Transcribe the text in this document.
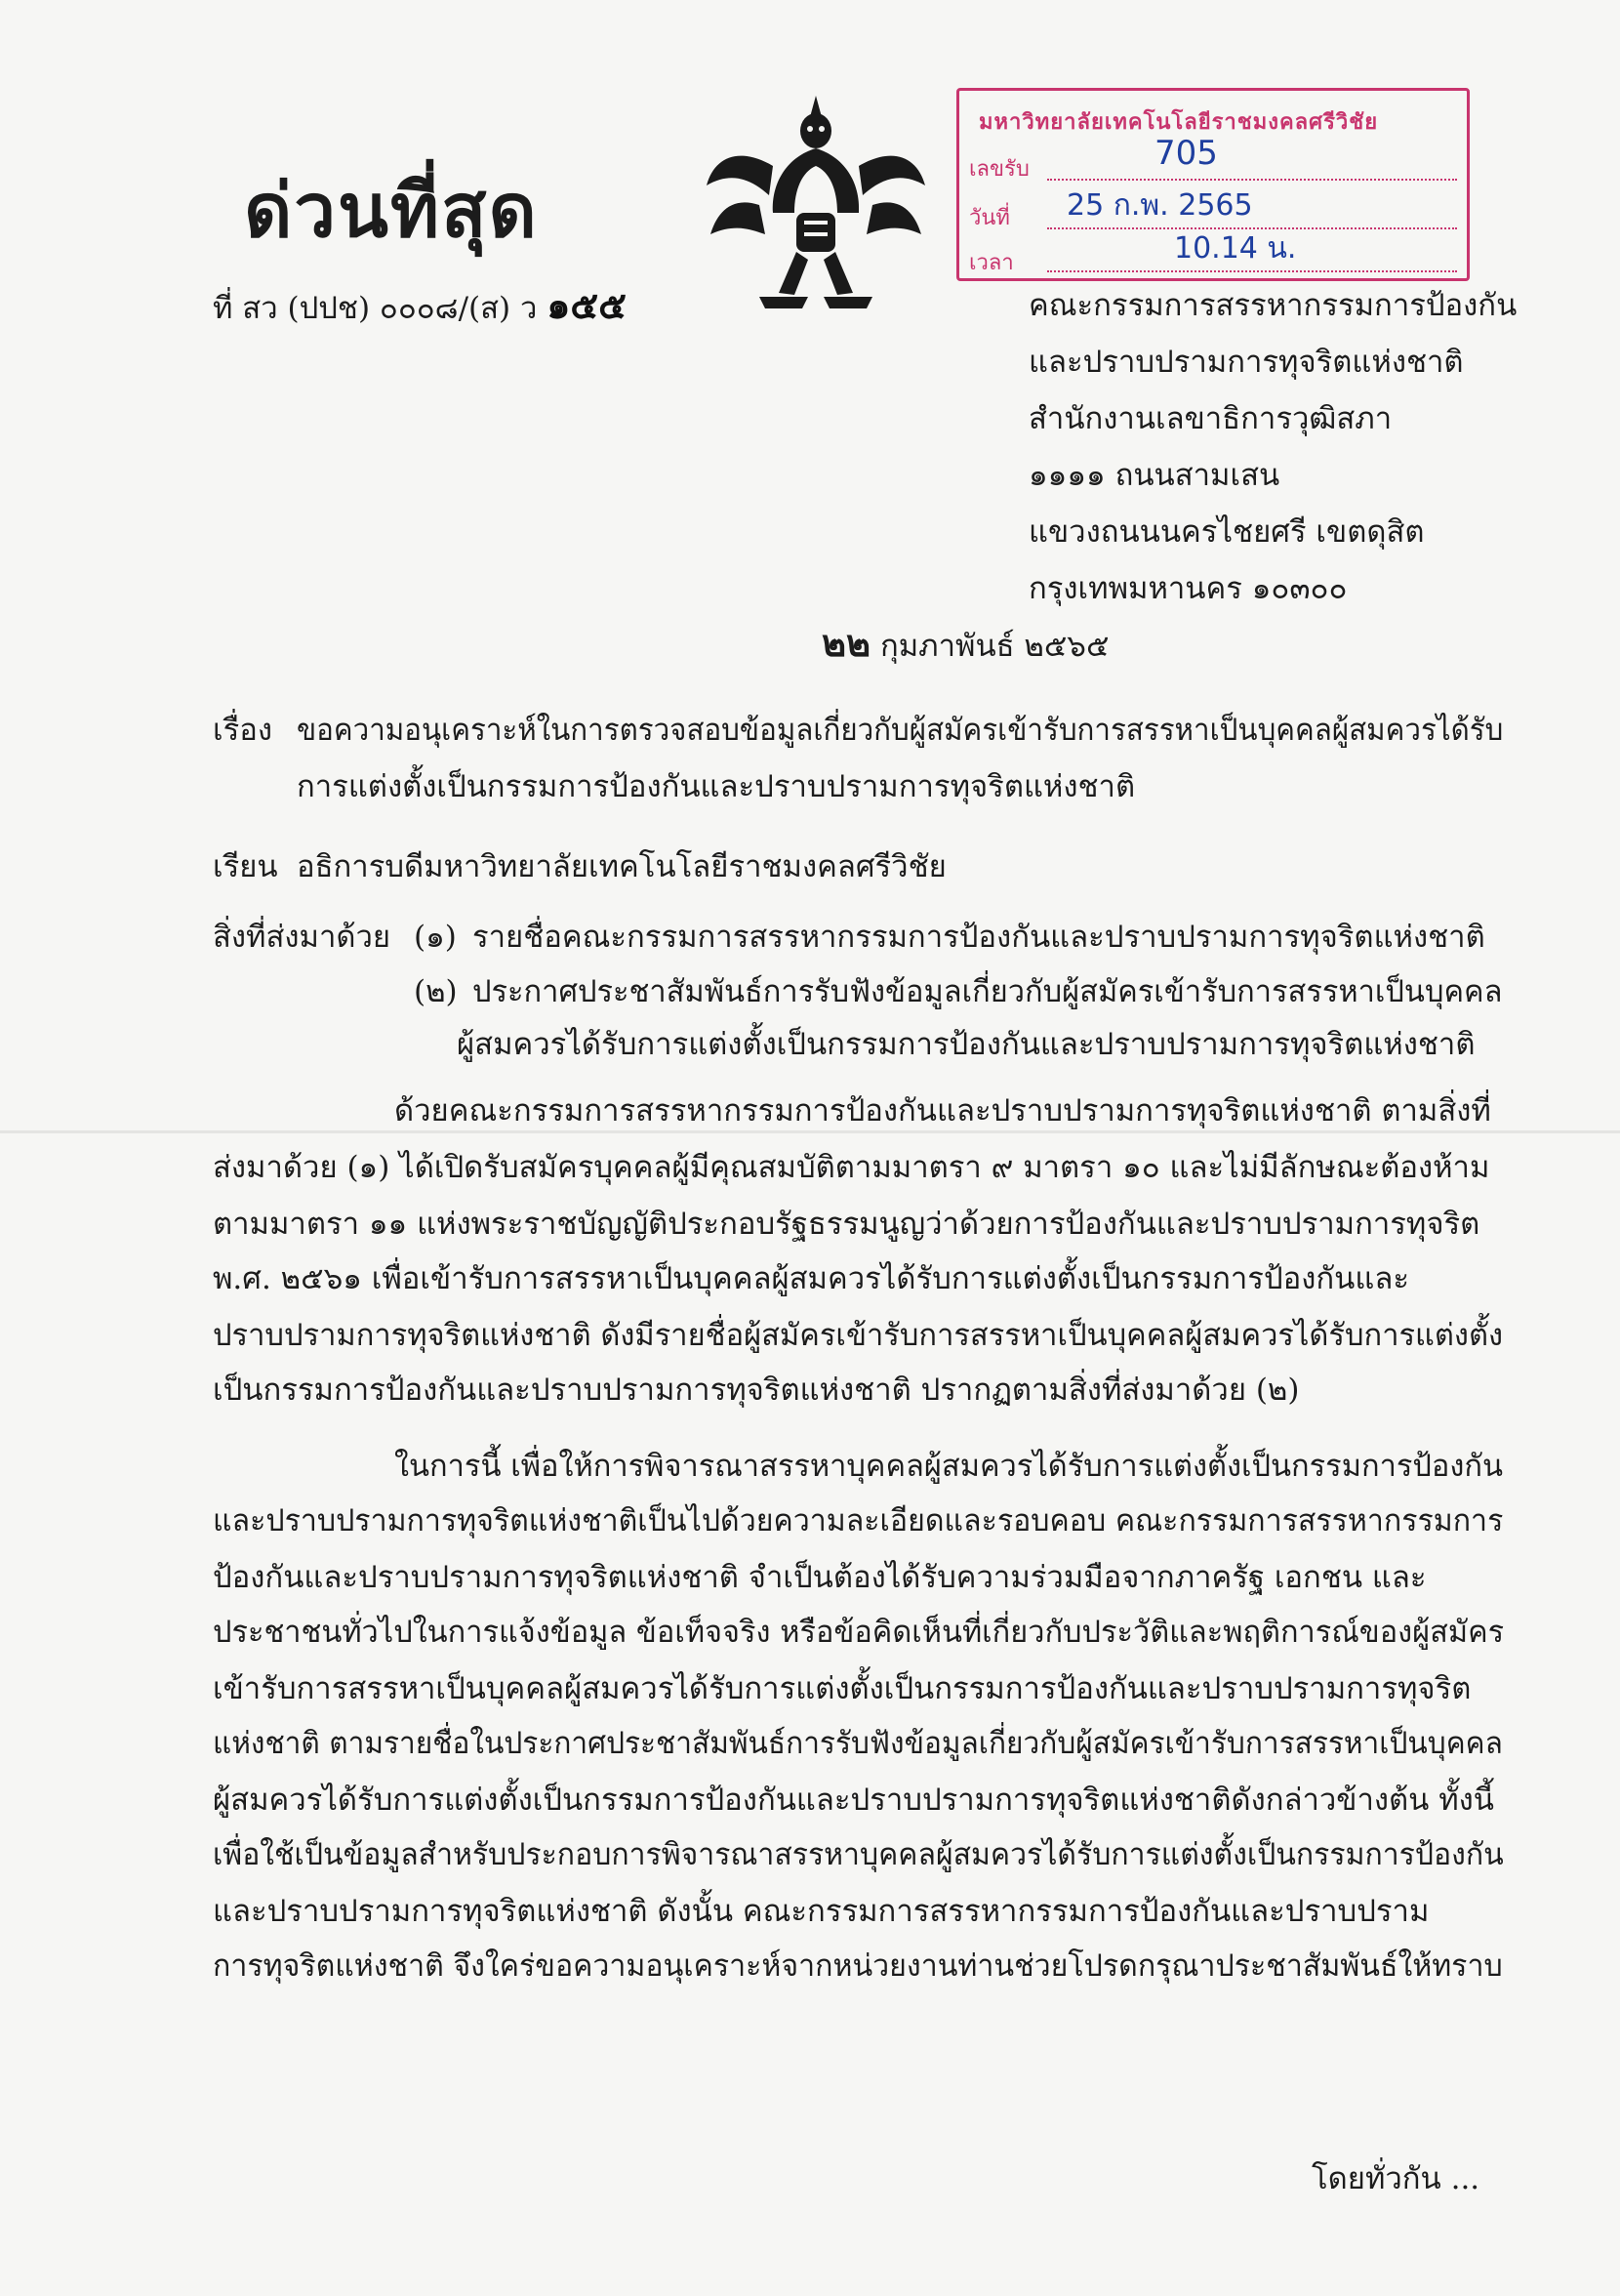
ด่วนที่สุด
ที่ สว (ปปช) ๐๐๐๘/(ส) ว ๑๕๕
มหาวิทยาลัยเทคโนโลยีราชมงคลศรีวิชัย
เลขรับ	705
วันที่ 25 ก.พ. 2565
เวลา	10.14 น.
คณะกรรมการสรรหากรรมการป้องกัน
และปราบปรามการทุจริตแห่งชาติ
สำนักงานเลขาธิการวุฒิสภา
๑๑๑๑ ถนนสามเสน
แขวงถนนนครไชยศรี เขตดุสิต
กรุงเทพมหานคร ๑๐๓๐๐
๒๒ กุมภาพันธ์ ๒๕๖๕
เรื่อง ขอความอนุเคราะห์ในการตรวจสอบข้อมูลเกี่ยวกับผู้สมัครเข้ารับการสรรหาเป็นบุคคลผู้สมควรได้รับ
การแต่งตั้งเป็นกรรมการป้องกันและปราบปรามการทุจริตแห่งชาติ
เรียน อธิการบดีมหาวิทยาลัยเทคโนโลยีราชมงคลศรีวิชัย
สิ่งที่ส่งมาด้วย (๑) รายชื่อคณะกรรมการสรรหากรรมการป้องกันและปราบปรามการทุจริตแห่งชาติ
(๒) ประกาศประชาสัมพันธ์การรับฟังข้อมูลเกี่ยวกับผู้สมัครเข้ารับการสรรหาเป็นบุคคล
ผู้สมควรได้รับการแต่งตั้งเป็นกรรมการป้องกันและปราบปรามการทุจริตแห่งชาติ
ด้วยคณะกรรมการสรรหากรรมการป้องกันและปราบปรามการทุจริตแห่งชาติ ตามสิ่งที่
ส่งมาด้วย (๑) ได้เปิดรับสมัครบุคคลผู้มีคุณสมบัติตามมาตรา ๙ มาตรา ๑๐ และไม่มีลักษณะต้องห้าม
ตามมาตรา ๑๑ แห่งพระราชบัญญัติประกอบรัฐธรรมนูญว่าด้วยการป้องกันและปราบปรามการทุจริต
พ.ศ. ๒๕๖๑ เพื่อเข้ารับการสรรหาเป็นบุคคลผู้สมควรได้รับการแต่งตั้งเป็นกรรมการป้องกันและ
ปราบปรามการทุจริตแห่งชาติ ดังมีรายชื่อผู้สมัครเข้ารับการสรรหาเป็นบุคคลผู้สมควรได้รับการแต่งตั้ง
เป็นกรรมการป้องกันและปราบปรามการทุจริตแห่งชาติ ปรากฏตามสิ่งที่ส่งมาด้วย (๒)
ในการนี้ เพื่อให้การพิจารณาสรรหาบุคคลผู้สมควรได้รับการแต่งตั้งเป็นกรรมการป้องกัน
และปราบปรามการทุจริตแห่งชาติเป็นไปด้วยความละเอียดและรอบคอบ คณะกรรมการสรรหากรรมการ
ป้องกันและปราบปรามการทุจริตแห่งชาติ จำเป็นต้องได้รับความร่วมมือจากภาครัฐ เอกชน และ
ประชาชนทั่วไปในการแจ้งข้อมูล ข้อเท็จจริง หรือข้อคิดเห็นที่เกี่ยวกับประวัติและพฤติการณ์ของผู้สมัคร
เข้ารับการสรรหาเป็นบุคคลผู้สมควรได้รับการแต่งตั้งเป็นกรรมการป้องกันและปราบปรามการทุจริต
แห่งชาติ ตามรายชื่อในประกาศประชาสัมพันธ์การรับฟังข้อมูลเกี่ยวกับผู้สมัครเข้ารับการสรรหาเป็นบุคคล
ผู้สมควรได้รับการแต่งตั้งเป็นกรรมการป้องกันและปราบปรามการทุจริตแห่งชาติดังกล่าวข้างต้น ทั้งนี้
เพื่อใช้เป็นข้อมูลสำหรับประกอบการพิจารณาสรรหาบุคคลผู้สมควรได้รับการแต่งตั้งเป็นกรรมการป้องกัน
และปราบปรามการทุจริตแห่งชาติ ดังนั้น คณะกรรมการสรรหากรรมการป้องกันและปราบปราม
การทุจริตแห่งชาติ จึงใคร่ขอความอนุเคราะห์จากหน่วยงานท่านช่วยโปรดกรุณาประชาสัมพันธ์ให้ทราบ
โดยทั่วกัน ...
